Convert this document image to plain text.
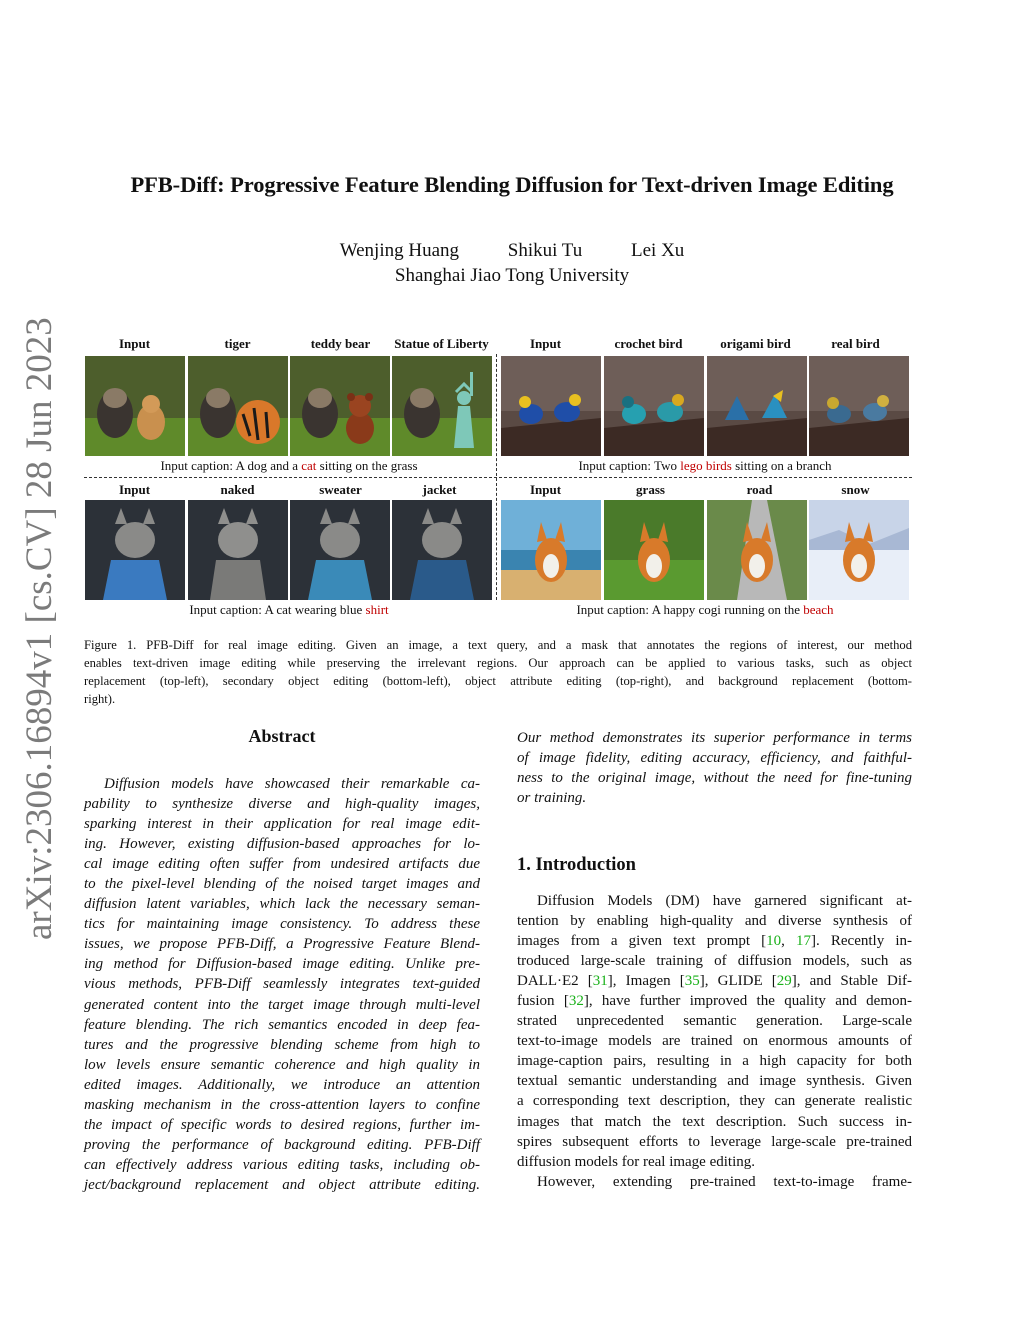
arXiv:2306.16894v1 [cs.CV] 28 Jun 2023
PFB-Diff: Progressive Feature Blending Diffusion for Text-driven Image Editing
Wenjing Huang	Shikui Tu	Lei Xu
Shanghai Jiao Tong University
Input	tiger	teddy bear	Statue of Liberty	Input	crochet bird	origami bird	real bird
Input caption: A dog and a cat sitting on the grass	Input caption: Two lego birds sitting on a branch
Input	naked	sweater	jacket	Input	grass	road	snow
Input caption: A cat wearing blue shirt	Input caption: A happy cogi running on the beach
Figure 1. PFB-Diff for real image editing. Given an image, a text query, and a mask that annotates the regions of interest, our method
enables text-driven image editing while preserving the irrelevant regions. Our approach can be applied to various tasks, such as object
replacement (top-left), secondary object editing (bottom-left), object attribute editing (top-right), and background replacement (bottom-
right).
Abstract
Diffusion models have showcased their remarkable ca-
pability to synthesize diverse and high-quality images,
sparking interest in their application for real image edit-
ing. However, existing diffusion-based approaches for lo-
cal image editing often suffer from undesired artifacts due
to the pixel-level blending of the noised target images and
diffusion latent variables, which lack the necessary seman-
tics for maintaining image consistency. To address these
issues, we propose PFB-Diff, a Progressive Feature Blend-
ing method for Diffusion-based image editing. Unlike pre-
vious methods, PFB-Diff seamlessly integrates text-guided
generated content into the target image through multi-level
feature blending. The rich semantics encoded in deep fea-
tures and the progressive blending scheme from high to
low levels ensure semantic coherence and high quality in
edited images. Additionally, we introduce an attention
masking mechanism in the cross-attention layers to confine
the impact of specific words to desired regions, further im-
proving the performance of background editing. PFB-Diff
can effectively address various editing tasks, including ob-
ject/background replacement and object attribute editing.
Our method demonstrates its superior performance in terms
of image fidelity, editing accuracy, efficiency, and faithful-
ness to the original image, without the need for fine-tuning
or training.
1. Introduction
Diffusion Models (DM) have garnered significant at-
tention by enabling high-quality and diverse synthesis of
images from a given text prompt [10, 17]. Recently in-
troduced large-scale training of diffusion models, such as
DALL·E2 [31], Imagen [35], GLIDE [29], and Stable Dif-
fusion [32], have further improved the quality and demon-
strated unprecedented semantic generation. Large-scale
text-to-image models are trained on enormous amounts of
image-caption pairs, resulting in a high capacity for both
textual semantic understanding and image synthesis. Given
a corresponding text description, they can generate realistic
images that match the text description. Such success in-
spires subsequent efforts to leverage large-scale pre-trained
diffusion models for real image editing.
However, extending pre-trained text-to-image frame-
